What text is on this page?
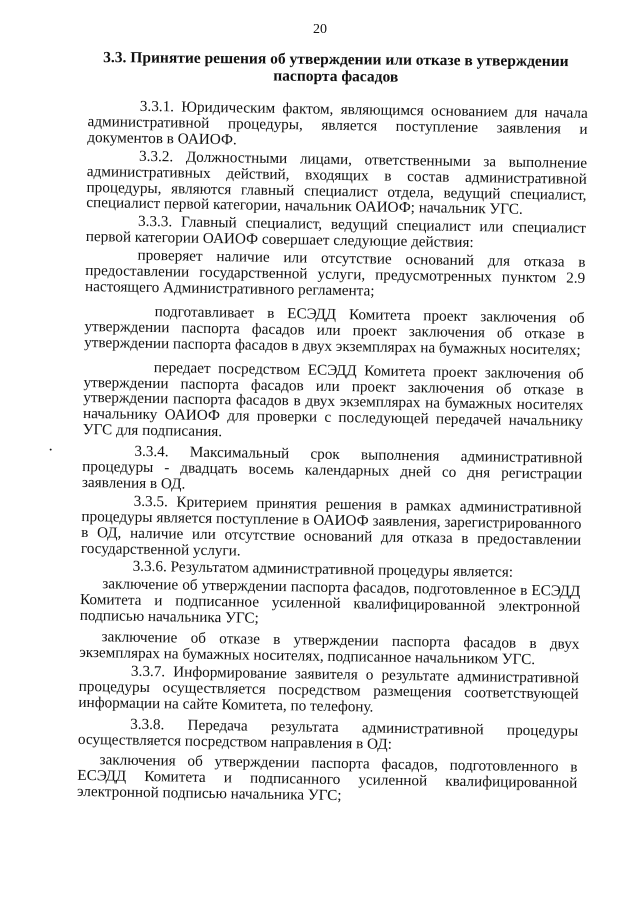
20
3.3. Принятие решения об утверждении или отказе в утверждении паспорта фасадов

3.3.1. Юридическим фактом, являющимся основанием для начала административной процедуры, является поступление заявления и документов в ОАИОФ.

3.3.2. Должностными лицами, ответственными за выполнение административных действий, входящих в состав административной процедуры, являются главный специалист отдела, ведущий специалист, специалист первой категории, начальник ОАИОФ; начальник УГС.

3.3.3. Главный специалист, ведущий специалист или специалист первой категории ОАИОФ совершает следующие действия:

проверяет наличие или отсутствие оснований для отказа в предоставлении государственной услуги, предусмотренных пунктом 2.9 настоящего Административного регламента;

подготавливает в ЕСЭДД Комитета проект заключения об утверждении паспорта фасадов или проект заключения об отказе в утверждении паспорта фасадов в двух экземплярах на бумажных носителях;

передает посредством ЕСЭДД Комитета проект заключения об утверждении паспорта фасадов или проект заключения об отказе в утверждении паспорта фасадов в двух экземплярах на бумажных носителях начальнику ОАИОФ для проверки с последующей передачей начальнику УГС для подписания.

3.3.4. Максимальный срок выполнения административной процедуры - двадцать восемь календарных дней со дня регистрации заявления в ОД.

3.3.5. Критерием принятия решения в рамках административной процедуры является поступление в ОАИОФ заявления, зарегистрированного в ОД, наличие или отсутствие оснований для отказа в предоставлении государственной услуги.

3.3.6. Результатом административной процедуры является:

заключение об утверждении паспорта фасадов, подготовленное в ЕСЭДД Комитета и подписанное усиленной квалифицированной электронной подписью начальника УГС;

заключение об отказе в утверждении паспорта фасадов в двух экземплярах на бумажных носителях, подписанное начальником УГС.

3.3.7. Информирование заявителя о результате административной процедуры осуществляется посредством размещения соответствующей информации на сайте Комитета, по телефону.

3.3.8. Передача результата административной процедуры осуществляется посредством направления в ОД:

заключения об утверждении паспорта фасадов, подготовленного в ЕСЭДД Комитета и подписанного усиленной квалифицированной электронной подписью начальника УГС;

·
